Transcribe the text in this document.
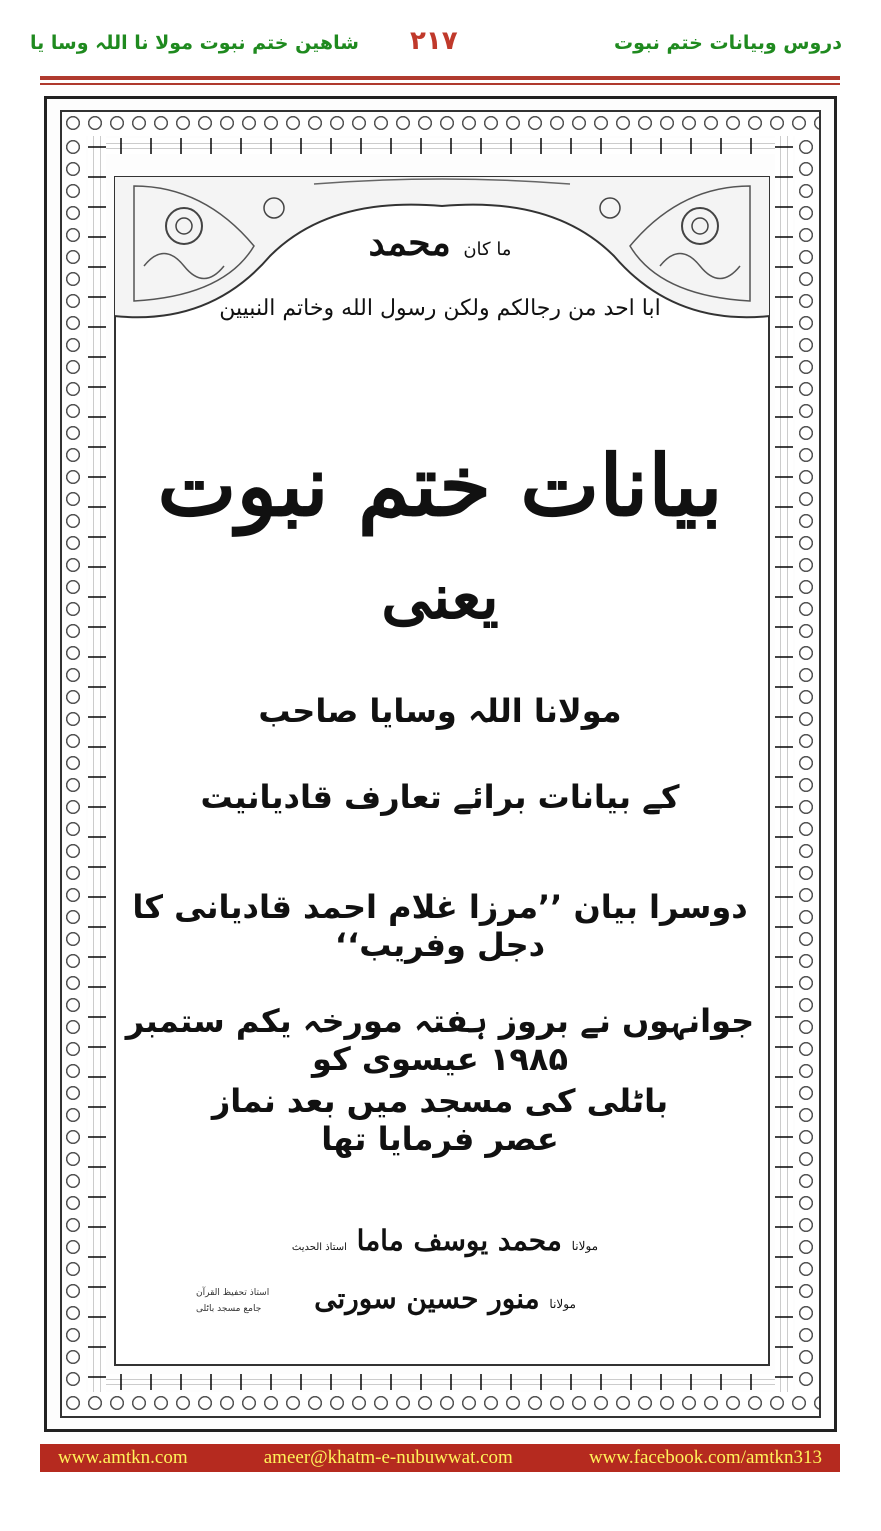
دروس وبیانات ختم نبوت
۲۱۷
شاهین ختم نبوت مولا نا اللہ وسا یا
ما كان محمد
ابا احد من رجالكم ولكن رسول الله وخاتم النبيين
بیانات ختم نبوت
یعنی
مولانا اللہ وسایا صاحب
کے بیانات برائے تعارف قادیانیت
دوسرا بیان ’’مرزا غلام احمد قادیانی کا دجل وفریب‘‘
جوانہوں نے بروز ہفتہ مورخہ یکم ستمبر ۱۹۸۵ عیسوی کو
باٹلی کی مسجد میں بعد نماز عصر فرمایا تھا
مولانا محمد یوسف ماما استاذ الحدیث
مولانا منور حسین سورتی
استاذ تحفیظ القرآن
جامع مسجد باٹلی
www.amtkn.com	ameer@khatm-e-nubuwwat.com	www.facebook.com/amtkn313
